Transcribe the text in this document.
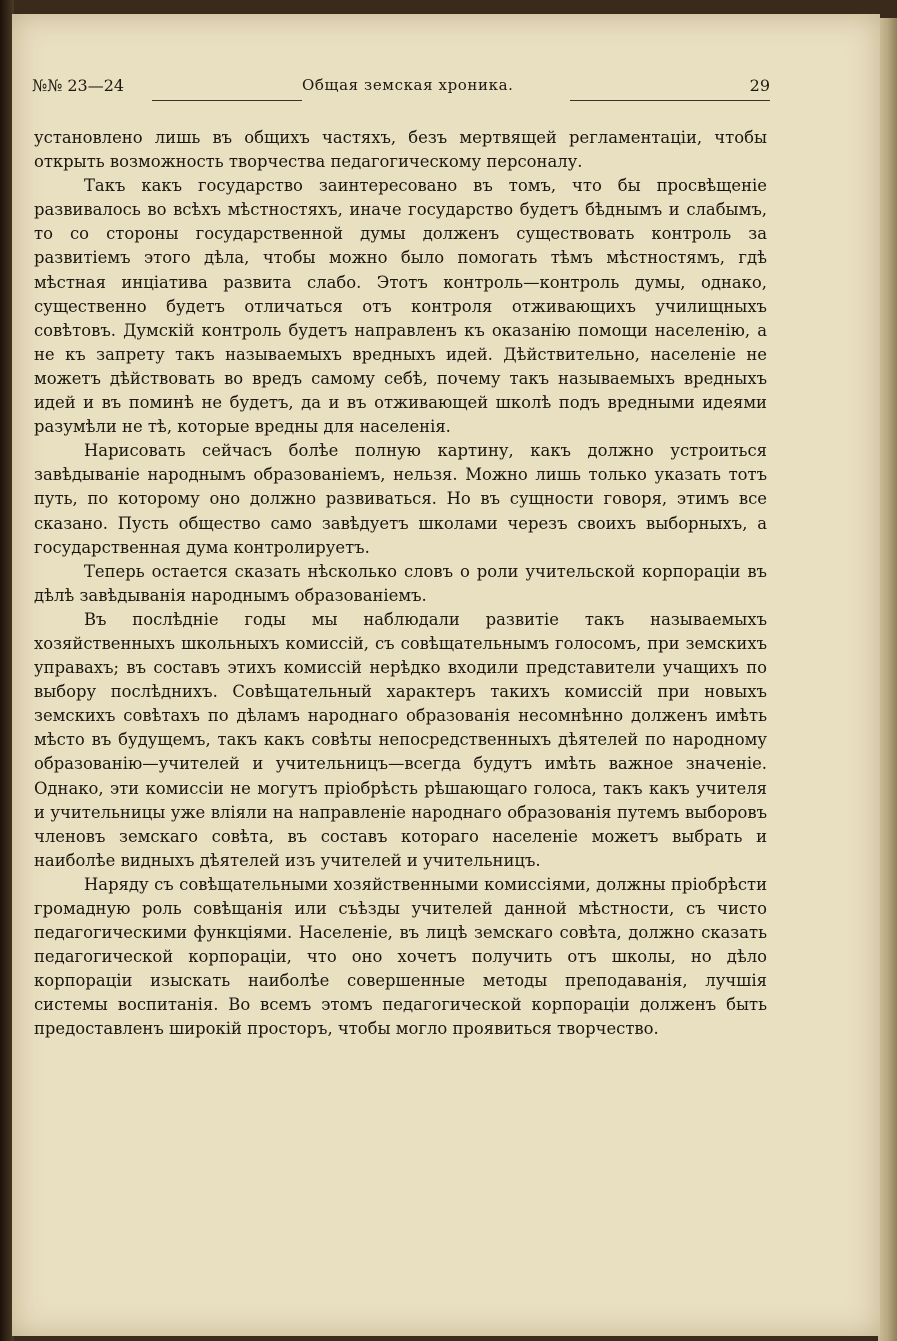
№№ 23—24	Общая земская хроника.	29

установлено лишь въ общихъ частяхъ, безъ мертвящей регламентаціи, чтобы открыть возможность творчества педагогическому персоналу.

Такъ какъ государство заинтересовано въ томъ, что бы просвѣщеніе развивалось во всѣхъ мѣстностяхъ, иначе государство будетъ бѣднымъ и слабымъ, то со стороны государственной думы долженъ существовать контроль за развитіемъ этого дѣла, чтобы можно было помогать тѣмъ мѣстностямъ, гдѣ мѣстная инціатива развита слабо. Этотъ контроль—контроль думы, однако, существенно будетъ отличаться отъ контроля отживающихъ училищныхъ совѣтовъ. Думскій контроль будетъ направленъ къ оказанію помощи населенію, а не къ запрету такъ называемыхъ вредныхъ идей. Дѣйствительно, населеніе не можетъ дѣйствовать во вредъ самому себѣ, почему такъ называемыхъ вредныхъ идей и въ поминѣ не будетъ, да и въ отживающей школѣ подъ вредными идеями разумѣли не тѣ, которые вредны для населенія.

Нарисовать сейчасъ болѣе полную картину, какъ должно устроиться завѣдываніе народнымъ образованіемъ, нельзя. Можно лишь только указать тотъ путь, по которому оно должно развиваться. Но въ сущности говоря, этимъ все сказано. Пусть общество само завѣдуетъ школами черезъ своихъ выборныхъ, а государственная дума контролируетъ.

Теперь остается сказать нѣсколько словъ о роли учительской корпораціи въ дѣлѣ завѣдыванія народнымъ образованіемъ.

Въ послѣдніе годы мы наблюдали развитіе такъ называемыхъ хозяйственныхъ школьныхъ комиссій, съ совѣщательнымъ голосомъ, при земскихъ управахъ; въ составъ этихъ комиссій нерѣдко входили представители учащихъ по выбору послѣднихъ. Совѣщательный характеръ такихъ комиссій при новыхъ земскихъ совѣтахъ по дѣламъ народнаго образованія несомнѣнно долженъ имѣть мѣсто въ будущемъ, такъ какъ совѣты непосредственныхъ дѣятелей по народному образованію—учителей и учительницъ—всегда будутъ имѣть важное значеніе. Однако, эти комиссіи не могутъ пріобрѣсть рѣшающаго голоса, такъ какъ учителя и учительницы уже вліяли на направленіе народнаго образованія путемъ выборовъ членовъ земскаго совѣта, въ составъ котораго населеніе можетъ выбрать и наиболѣе видныхъ дѣятелей изъ учителей и учительницъ.

Наряду съ совѣщательными хозяйственными комиссіями, должны пріобрѣсти громадную роль совѣщанія или съѣзды учителей данной мѣстности, съ чисто педагогическими функціями. Населеніе, въ лицѣ земскаго совѣта, должно сказать педагогической корпораціи, что оно хочетъ получить отъ школы, но дѣло корпораціи изыскать наиболѣе совершенные методы преподаванія, лучшія системы воспитанія. Во всемъ этомъ педагогической корпораціи долженъ быть предоставленъ широкій просторъ, чтобы могло проявиться творчество.
